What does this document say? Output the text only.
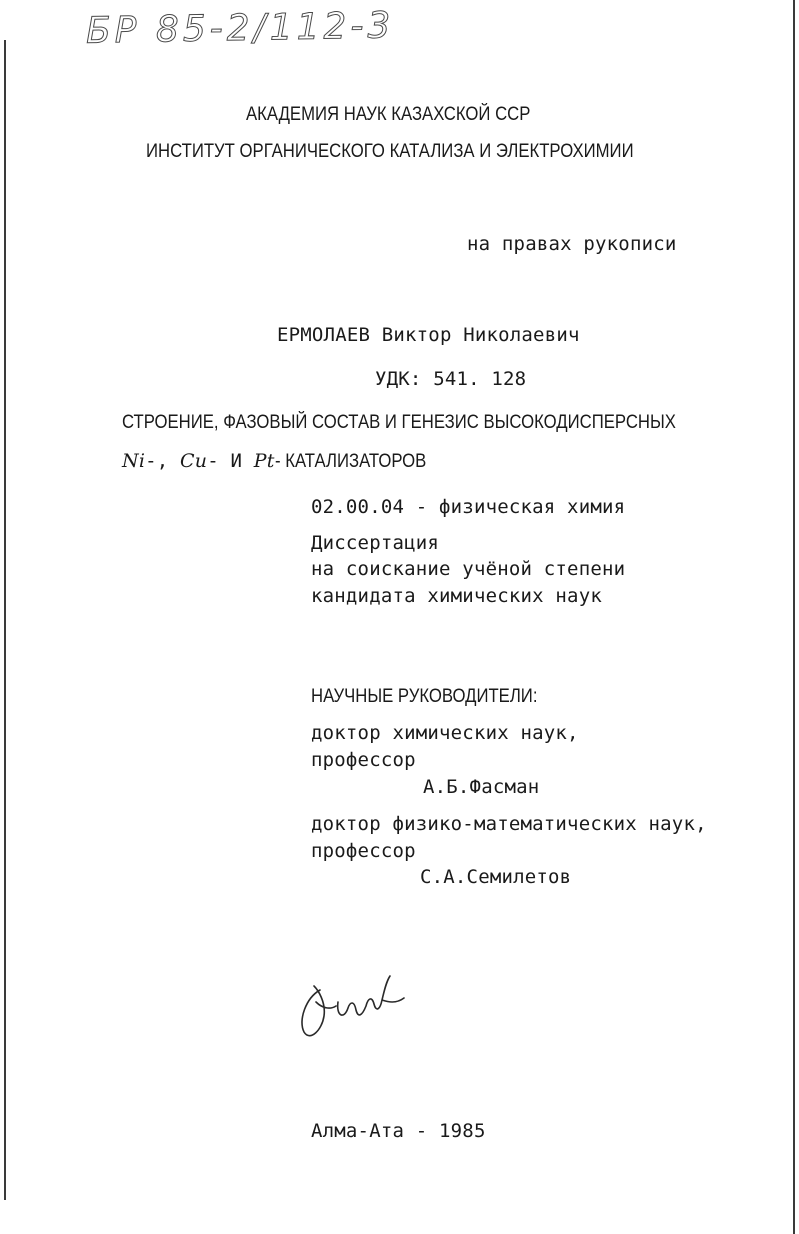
БР 85-2/112-3
АКАДЕМИЯ НАУК КАЗАХСКОЙ ССР
ИНСТИТУТ ОРГАНИЧЕСКОГО КАТАЛИЗА И ЭЛЕКТРОХИМИИ
на правах рукописи
ЕРМОЛАЕВ Виктор Николаевич
УДК: 541. 128
СТРОЕНИЕ, ФАЗОВЫЙ СОСТАВ И ГЕНЕЗИС ВЫСОКОДИСПЕРСНЫХ
Ni-, Cu- И Pt- КАТАЛИЗАТОРОВ
02.00.04 - физическая химия
Диссертация
на соискание учёной степени
кандидата химических наук
НАУЧНЫЕ РУКОВОДИТЕЛИ:
доктор химических наук,
профессор
А.Б.Фасман
доктор физико-математических наук,
профессор
С.А.Семилетов
Алма-Ата - 1985
